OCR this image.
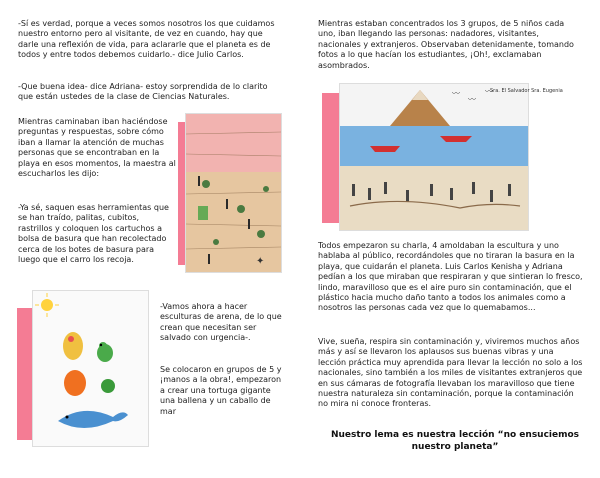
-Sí es verdad, porque a veces somos nosotros los que cuidamos nuestro entorno pero al visitante, de vez en cuando, hay que darle una reflexión de vida, para aclararle que el planeta es de todos y entre todos debemos cuidarlo.- dice Julio Carlos.

-Que buena idea- dice Adriana- estoy sorprendida de lo clarito que están ustedes de la clase de Ciencias Naturales.

Mientras caminaban iban haciéndose preguntas y respuestas, sobre cómo iban a llamar la atención de muchas personas que se encontraban en la playa en esos momentos, la maestra al escucharlos les dijo:

-Ya sé, saquen esas herramientas que se han traído, palitas, cubitos, rastrillos y coloquen los cartuchos a bolsa de basura que han recolectado cerca de los botes de basura para luego que el carro los recoja.

-Vamos ahora a hacer esculturas de arena, de lo que crean que necesitan ser salvado con urgencia-.

Se colocaron en grupos de 5 y ¡manos a la obra!, empezaron a crear una tortuga gigante una ballena y un caballo de mar

✦

Mientras estaban concentrados los 3 grupos, de 5 niños cada uno, iban llegando las personas: nadadores, visitantes, nacionales y extranjeros. Observaban detenidamente, tomando fotos a lo que hacían los estudiantes, ¡Oh!, exclamaban asombrados.

〰
〰
〰
Sra. El Salvador Sra. Eugenia

Todos empezaron su charla, 4 amoldaban la escultura y uno hablaba al público, recordándoles que no tiraran la basura en la playa, que cuidarán el planeta. Luis Carlos Kenisha y Adriana pedían a los que miraban que respiraran y que sintieran lo fresco, lindo, maravilloso que es el aire puro sin contaminación, que el plástico hacia mucho daño tanto a todos los animales como a nosotros las personas cada vez que lo quemabamos...

Vive, sueña, respira sin contaminación y, viviremos muchos años más y así se llevaron los aplausos sus buenas vibras y una lección práctica muy aprendida para llevar la lección no solo a los nacionales, sino también a los miles de visitantes extranjeros que en sus cámaras de fotografía llevaban los maravilloso que tiene nuestra naturaleza sin contaminación, porque la contaminación no mira ni conoce fronteras.

Nuestro lema es nuestra lección “no ensuciemos nuestro planeta”
